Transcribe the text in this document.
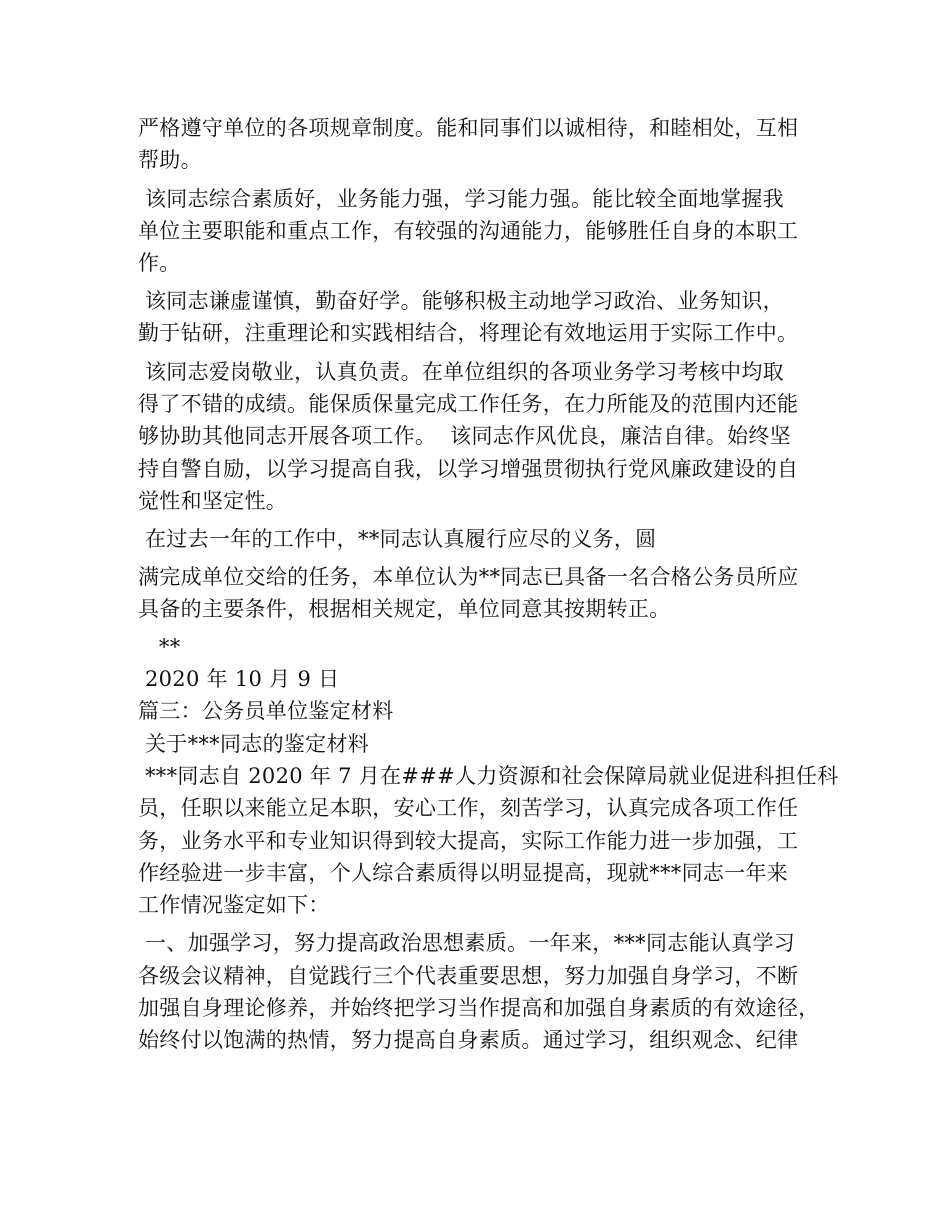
严格遵守单位的各项规章制度。能和同事们以诚相待，和睦相处，互相
帮助。
该同志综合素质好，业务能力强，学习能力强。能比较全面地掌握我
单位主要职能和重点工作，有较强的沟通能力，能够胜任自身的本职工
作。
该同志谦虚谨慎，勤奋好学。能够积极主动地学习政治、业务知识，
勤于钻研，注重理论和实践相结合，将理论有效地运用于实际工作中。
该同志爱岗敬业，认真负责。在单位组织的各项业务学习考核中均取
得了不错的成绩。能保质保量完成工作任务，在力所能及的范围内还能
够协助其他同志开展各项工作。  该同志作风优良，廉洁自律。始终坚
持自警自励，以学习提高自我，以学习增强贯彻执行党风廉政建设的自
觉性和坚定性。
在过去一年的工作中，**同志认真履行应尽的义务，圆
满完成单位交给的任务，本单位认为**同志已具备一名合格公务员所应
具备的主要条件，根据相关规定，单位同意其按期转正。
**
2020 年 10 月 9 日
篇三：公务员单位鉴定材料
关于***同志的鉴定材料
***同志自 2020 年 7 月在###人力资源和社会保障局就业促进科担任科
员，任职以来能立足本职，安心工作，刻苦学习，认真完成各项工作任
务，业务水平和专业知识得到较大提高，实际工作能力进一步加强，工
作经验进一步丰富，个人综合素质得以明显提高，现就***同志一年来
工作情况鉴定如下：
一、加强学习，努力提高政治思想素质。一年来，***同志能认真学习
各级会议精神，自觉践行三个代表重要思想，努力加强自身学习，不断
加强自身理论修养，并始终把学习当作提高和加强自身素质的有效途径，
始终付以饱满的热情，努力提高自身素质。通过学习，组织观念、纪律
